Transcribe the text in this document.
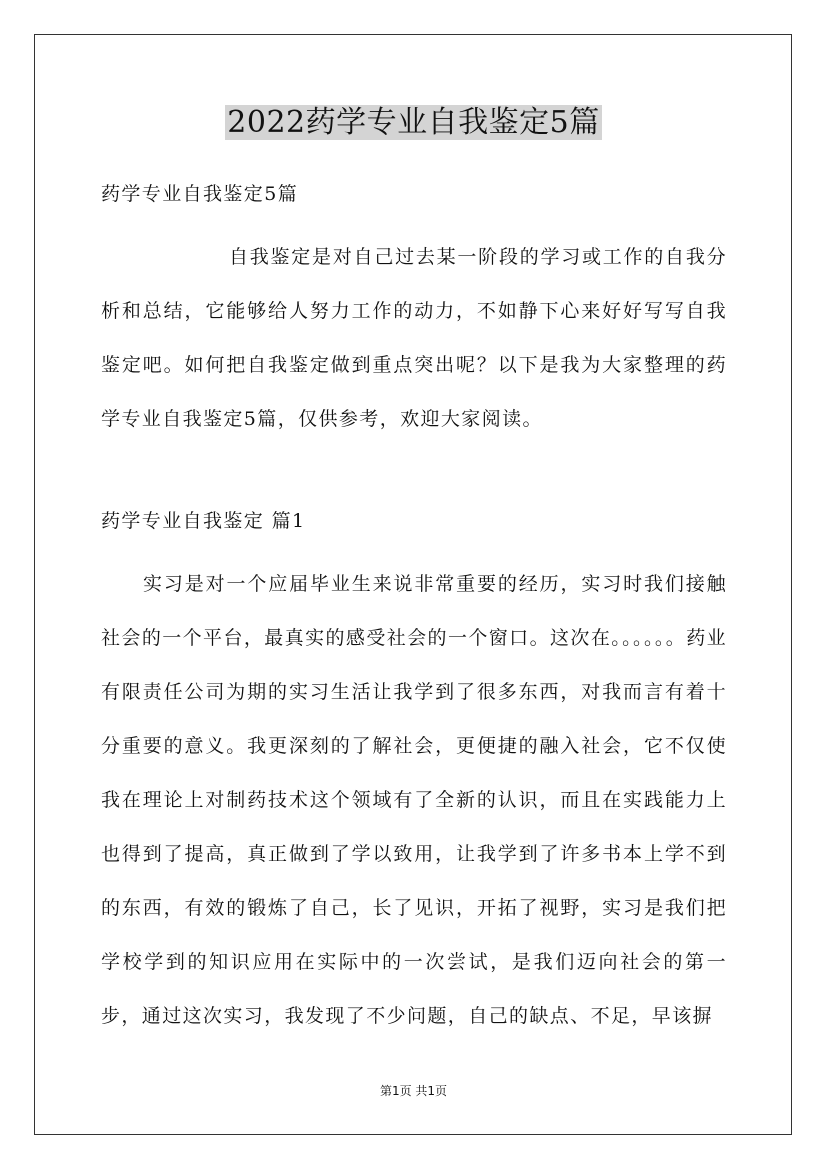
2022药学专业自我鉴定5篇
药学专业自我鉴定5篇
自我鉴定是对自己过去某一阶段的学习或工作的自我分析和总结，它能够给人努力工作的动力，不如静下心来好好写写自我鉴定吧。如何把自我鉴定做到重点突出呢？以下是我为大家整理的药学专业自我鉴定5篇，仅供参考，欢迎大家阅读。
药学专业自我鉴定 篇1
实习是对一个应届毕业生来说非常重要的经历，实习时我们接触社会的一个平台，最真实的感受社会的一个窗口。这次在。。。。。。药业有限责任公司为期的实习生活让我学到了很多东西，对我而言有着十分重要的意义。我更深刻的了解社会，更便捷的融入社会，它不仅使我在理论上对制药技术这个领域有了全新的认识，而且在实践能力上也得到了提高，真正做到了学以致用，让我学到了许多书本上学不到的东西，有效的锻炼了自己，长了见识，开拓了视野，实习是我们把学校学到的知识应用在实际中的一次尝试，是我们迈向社会的第一步，通过这次实习，我发现了不少问题，自己的缺点、不足，早该摒
第1页 共1页
